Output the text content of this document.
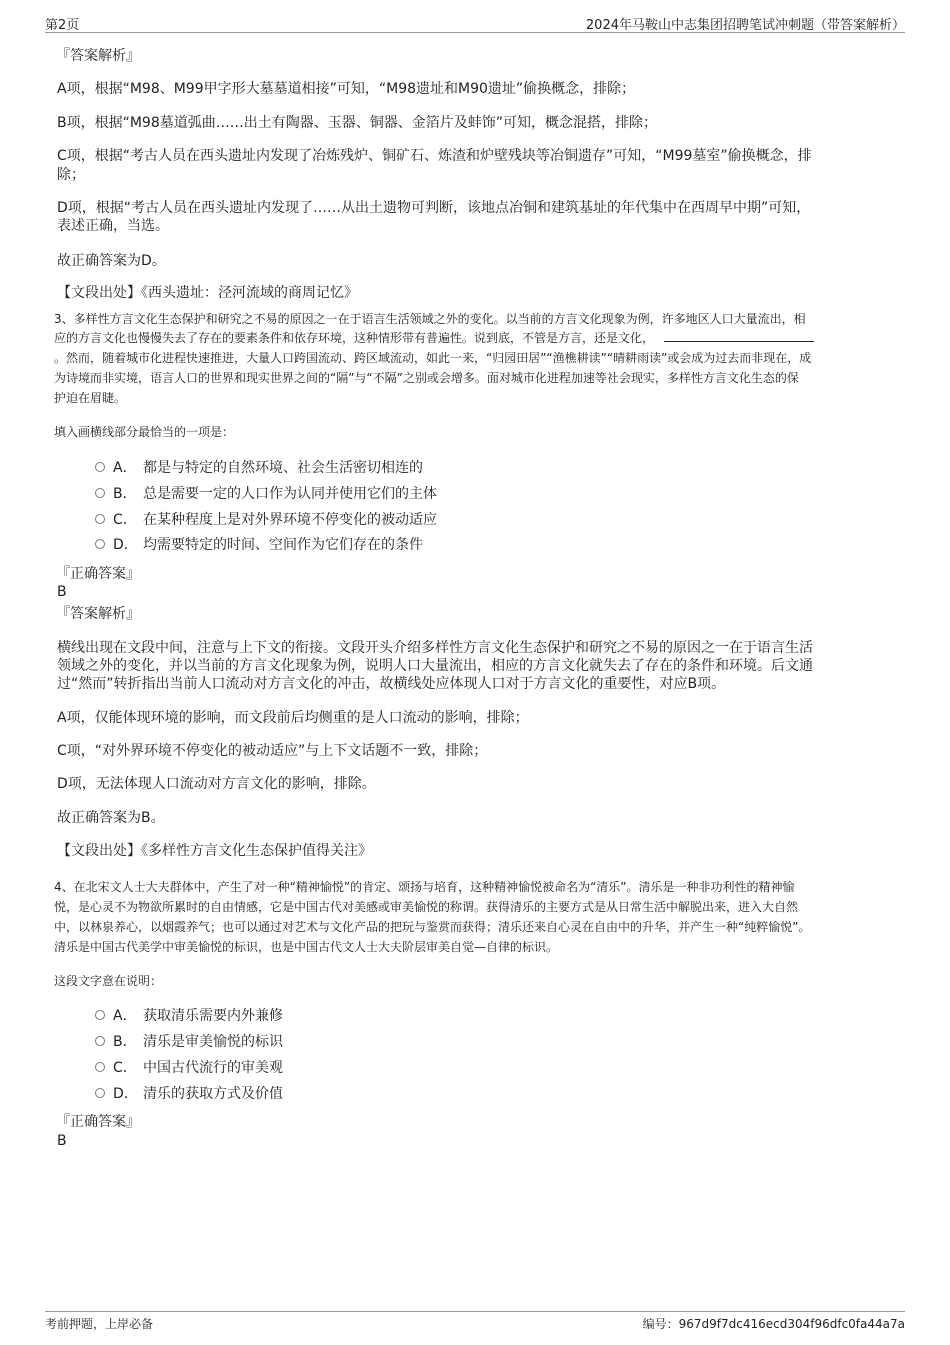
第2页	2024年马鞍山中志集团招聘笔试冲刺题（带答案解析）
『答案解析』
A项，根据“M98、M99甲字形大墓墓道相接”可知，“M98遗址和M90遗址”偷换概念，排除；
B项，根据“M98墓道弧曲……出土有陶器、玉器、铜器、金箔片及蚌饰”可知，概念混搭，排除；
C项，根据“考古人员在西头遗址内发现了冶炼残炉、铜矿石、炼渣和炉壁残块等冶铜遗存”可知，“M99墓室”偷换概念，排
除；
D项，根据“考古人员在西头遗址内发现了……从出土遗物可判断，该地点冶铜和建筑基址的年代集中在西周早中期”可知，
表述正确，当选。
故正确答案为D。
【文段出处】《西头遗址：泾河流域的商周记忆》
3、多样性方言文化生态保护和研究之不易的原因之一在于语言生活领域之外的变化。以当前的方言文化现象为例，许多地区人口大量流出，相
应的方言文化也慢慢失去了存在的要素条件和依存环境，这种情形带有普遍性。说到底，不管是方言，还是文化，
。然而，随着城市化进程快速推进，大量人口跨国流动、跨区域流动，如此一来，“归园田居”“渔樵耕读”“晴耕雨读”或会成为过去而非现在，成
为诗境而非实境，语言人口的世界和现实世界之间的“隔”与“不隔”之别或会增多。面对城市化进程加速等社会现实，多样性方言文化生态的保
护迫在眉睫。
填入画横线部分最恰当的一项是：
A． 都是与特定的自然环境、社会生活密切相连的
B． 总是需要一定的人口作为认同并使用它们的主体
C． 在某种程度上是对外界环境不停变化的被动适应
D． 均需要特定的时间、空间作为它们存在的条件
『正确答案』
B
『答案解析』
横线出现在文段中间，注意与上下文的衔接。文段开头介绍多样性方言文化生态保护和研究之不易的原因之一在于语言生活
领域之外的变化，并以当前的方言文化现象为例，说明人口大量流出，相应的方言文化就失去了存在的条件和环境。后文通
过“然而”转折指出当前人口流动对方言文化的冲击，故横线处应体现人口对于方言文化的重要性，对应B项。
A项，仅能体现环境的影响，而文段前后均侧重的是人口流动的影响，排除；
C项，“对外界环境不停变化的被动适应”与上下文话题不一致，排除；
D项，无法体现人口流动对方言文化的影响，排除。
故正确答案为B。
【文段出处】《多样性方言文化生态保护值得关注》
4、在北宋文人士大夫群体中，产生了对一种“精神愉悦”的肯定、颂扬与培育，这种精神愉悦被命名为“清乐”。清乐是一种非功利性的精神愉
悦，是心灵不为物欲所累时的自由情感，它是中国古代对美感或审美愉悦的称谓。获得清乐的主要方式是从日常生活中解脱出来，进入大自然
中，以林泉养心，以烟霞养气；也可以通过对艺术与文化产品的把玩与鉴赏而获得；清乐还来自心灵在自由中的升华，并产生一种“纯粹愉悦”。
清乐是中国古代美学中审美愉悦的标识，也是中国古代文人士大夫阶层审美自觉—自律的标识。
这段文字意在说明：
A． 获取清乐需要内外兼修
B． 清乐是审美愉悦的标识
C． 中国古代流行的审美观
D． 清乐的获取方式及价值
『正确答案』
B
考前押题，上岸必备	编号：967d9f7dc416ecd304f96dfc0fa44a7a
